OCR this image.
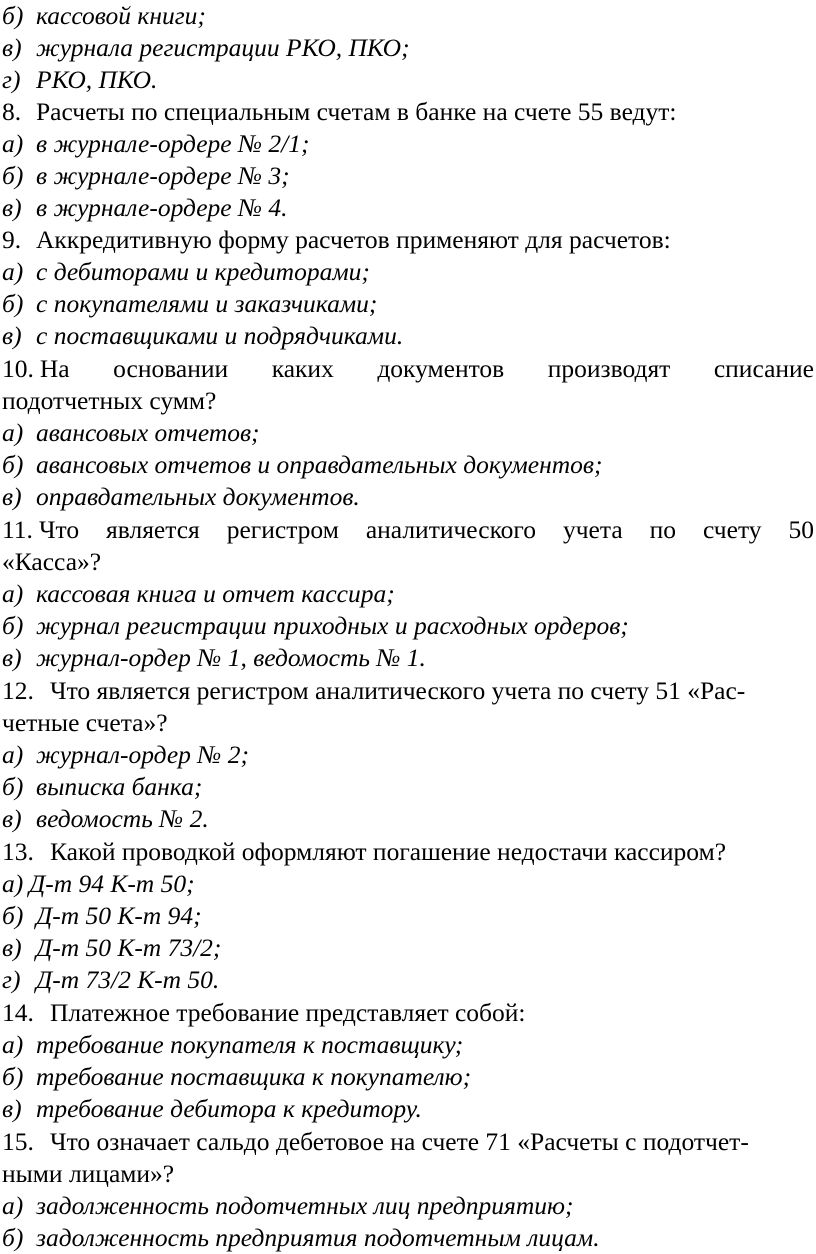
б) кассовой книги;
в) журнала регистрации РКО, ПКО;
г) РКО, ПКО.
8. Расчеты по специальным счетам в банке на счете 55 ведут:
а) в журнале-ордере № 2/1;
б) в журнале-ордере № 3;
в) в журнале-ордере № 4.
9. Аккредитивную форму расчетов применяют для расчетов:
а) с дебиторами и кредиторами;
б) с покупателями и заказчиками;
в) с поставщиками и подрядчиками.
10. На основании каких документов производят списание
подотчетных сумм?
а) авансовых отчетов;
б) авансовых отчетов и оправдательных документов;
в) оправдательных документов.
11. Что является регистром аналитического учета по счету 50
«Касса»?
а) кассовая книга и отчет кассира;
б) журнал регистрации приходных и расходных ордеров;
в) журнал-ордер № 1, ведомость № 1.
12. Что является регистром аналитического учета по счету 51 «Рас-
четные счета»?
а) журнал-ордер № 2;
б) выписка банка;
в) ведомость № 2.
13. Какой проводкой оформляют погашение недостачи кассиром?
а) Д-т 94 К-т 50;
б) Д-т 50 К-т 94;
в) Д-т 50 К-т 73/2;
г) Д-т 73/2 К-т 50.
14. Платежное требование представляет собой:
а) требование покупателя к поставщику;
б) требование поставщика к покупателю;
в) требование дебитора к кредитору.
15. Что означает сальдо дебетовое на счете 71 «Расчеты с подотчет-
ными лицами»?
а) задолженность подотчетных лиц предприятию;
б) задолженность предприятия подотчетным лицам.
